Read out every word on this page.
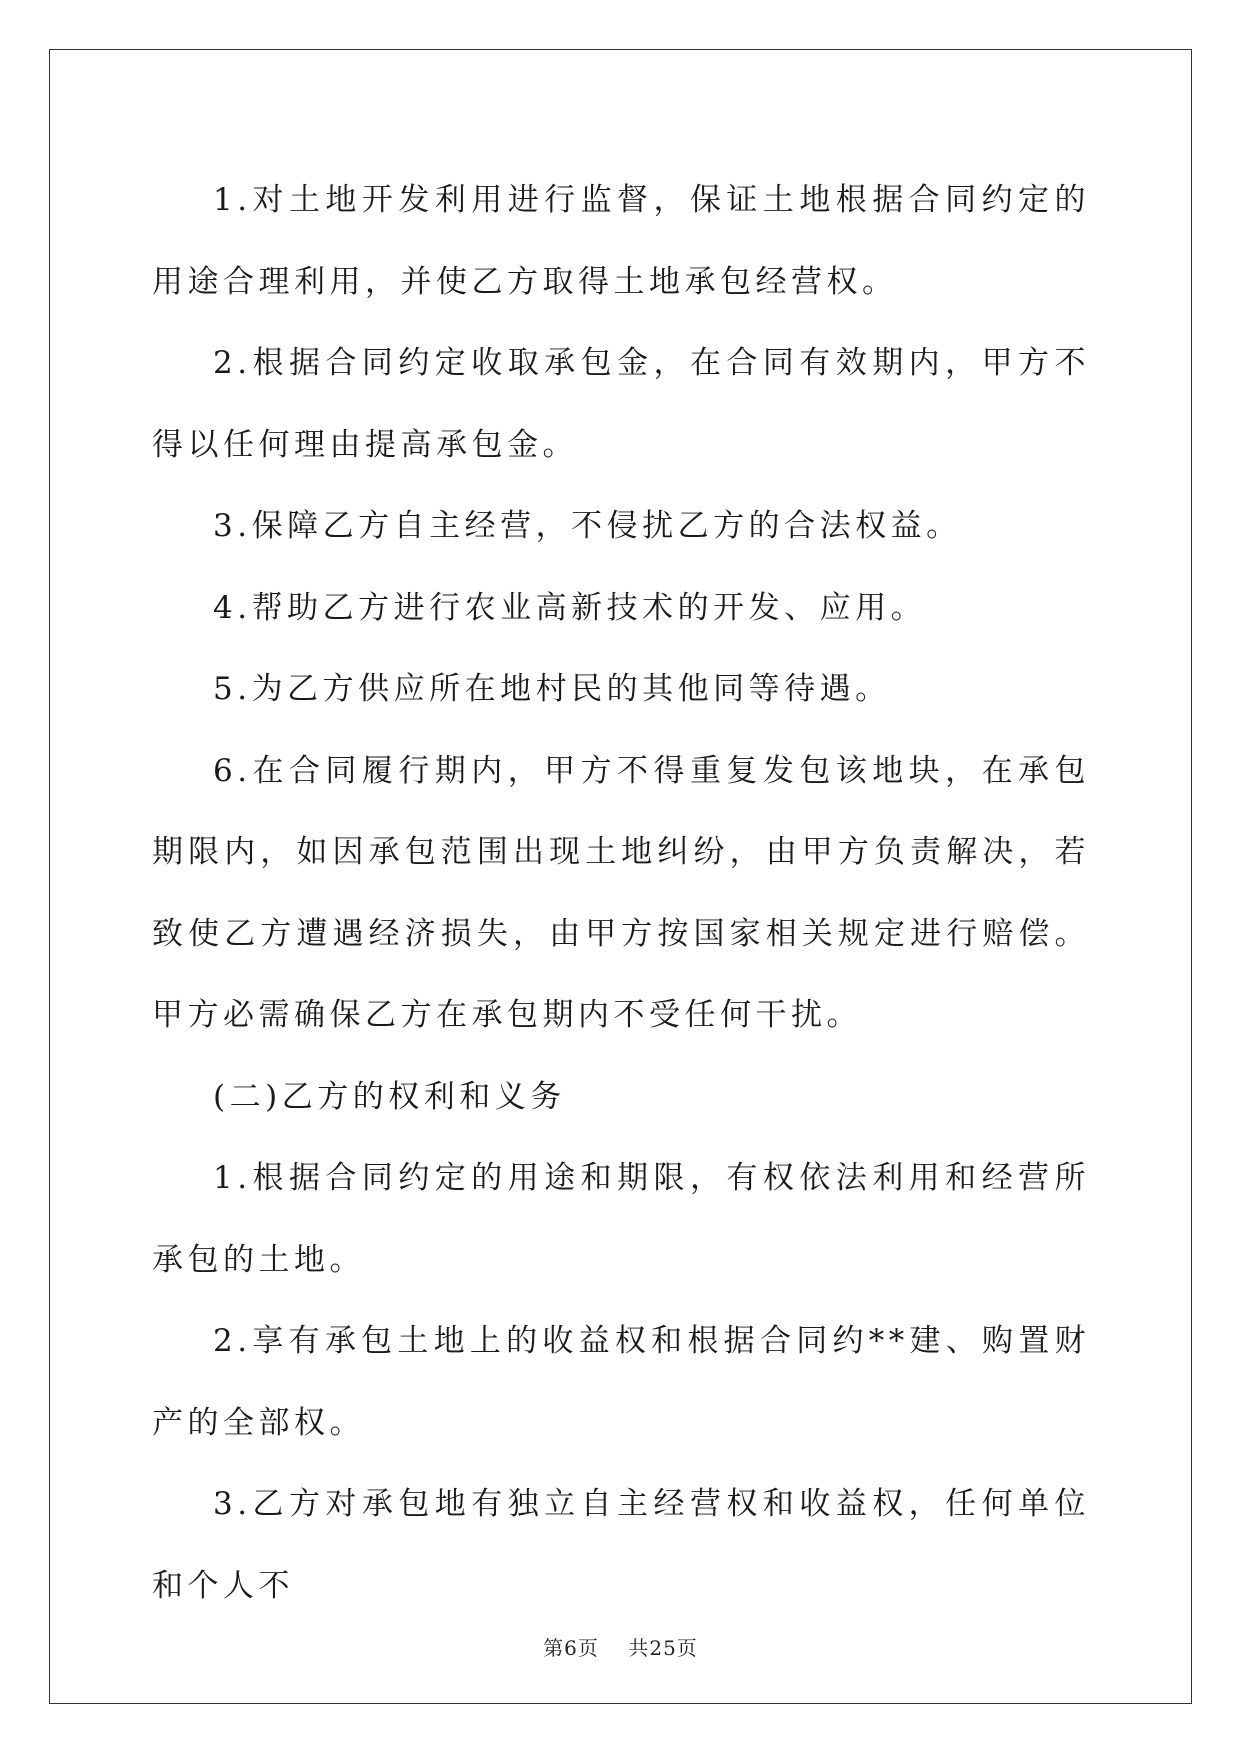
1.对土地开发利用进行监督，保证土地根据合同约定的用途合理利用，并使乙方取得土地承包经营权。

2.根据合同约定收取承包金，在合同有效期内，甲方不得以任何理由提高承包金。

3.保障乙方自主经营，不侵扰乙方的合法权益。

4.帮助乙方进行农业高新技术的开发、应用。

5.为乙方供应所在地村民的其他同等待遇。

6.在合同履行期内，甲方不得重复发包该地块，在承包期限内，如因承包范围出现土地纠纷，由甲方负责解决，若致使乙方遭遇经济损失，由甲方按国家相关规定进行赔偿。甲方必需确保乙方在承包期内不受任何干扰。

(二)乙方的权利和义务

1.根据合同约定的用途和期限，有权依法利用和经营所承包的土地。

2.享有承包土地上的收益权和根据合同约**建、购置财产的全部权。

3.乙方对承包地有独立自主经营权和收益权，任何单位和个人不

第6页 共25页
